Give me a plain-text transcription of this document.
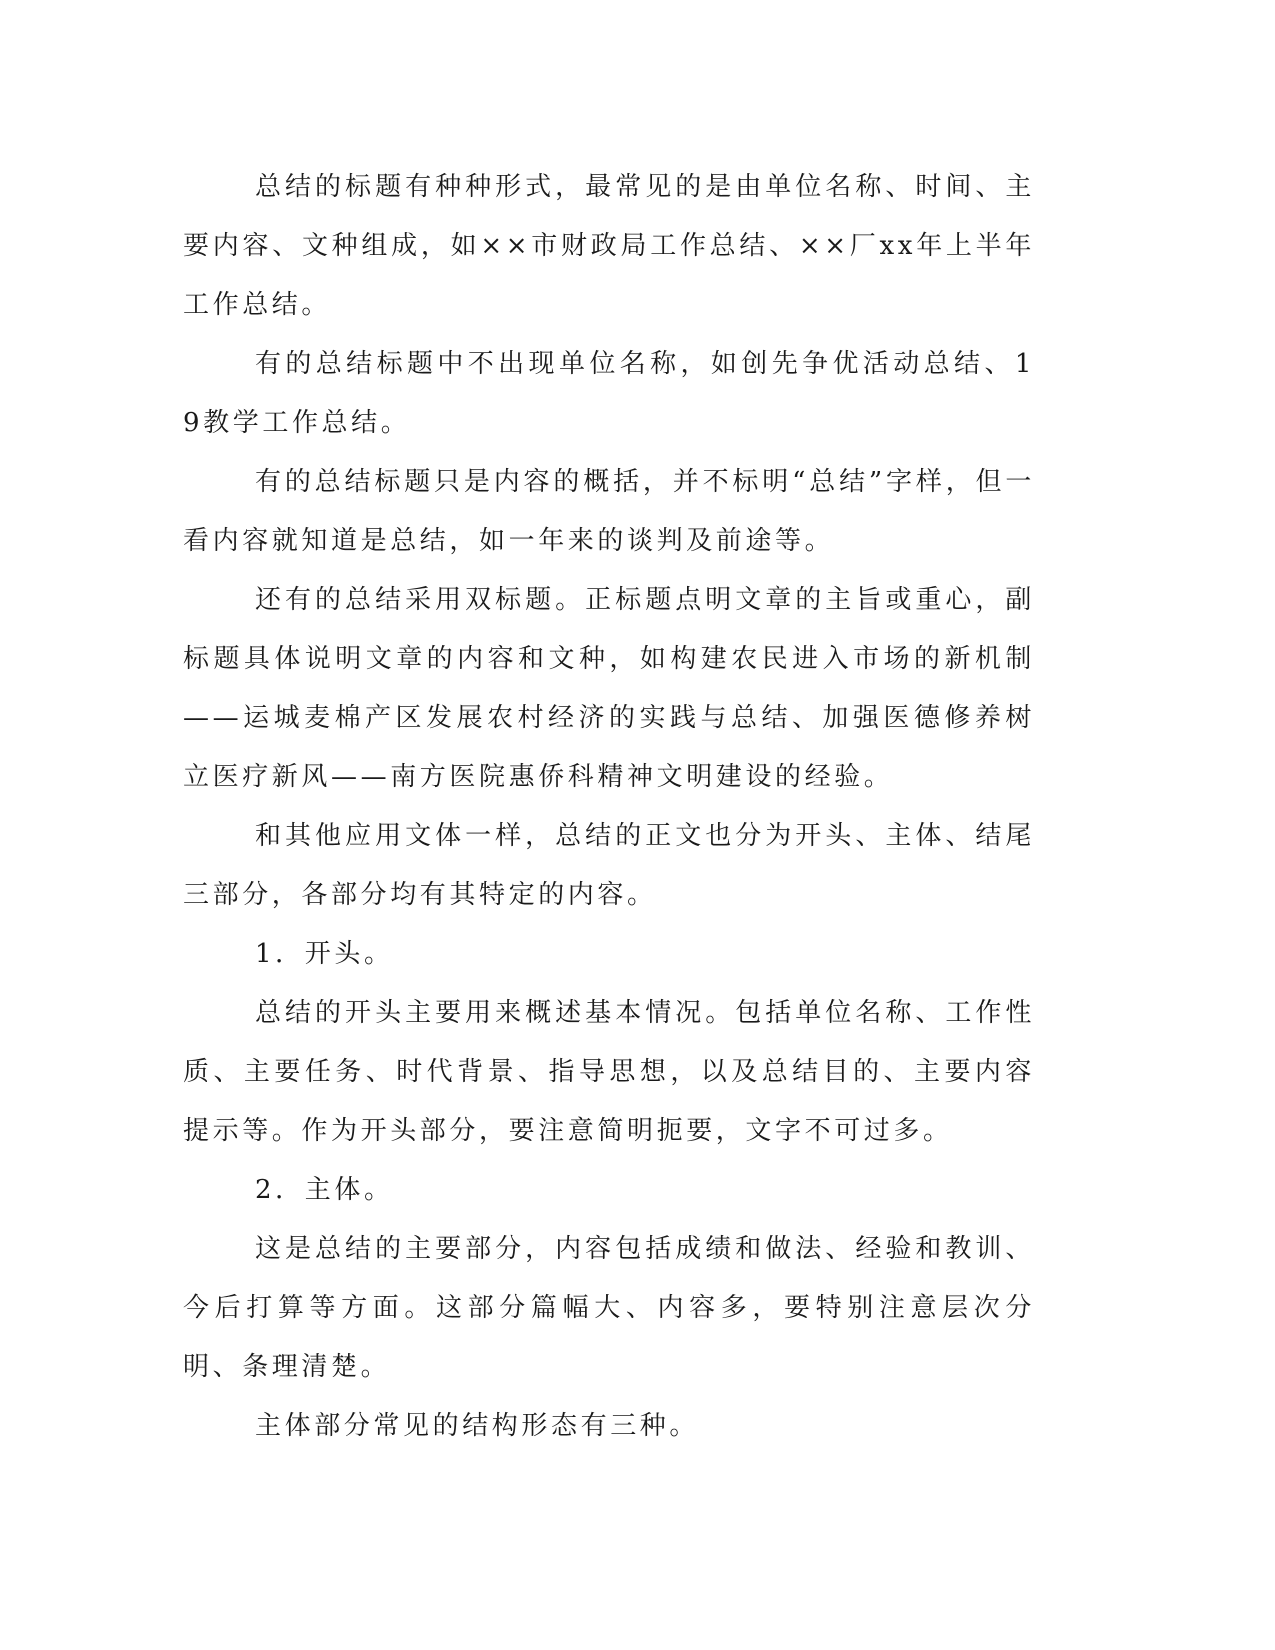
总结的标题有种种形式，最常见的是由单位名称、时间、主要内容、文种组成，如××市财政局工作总结、××厂xx年上半年工作总结。

有的总结标题中不出现单位名称，如创先争优活动总结、19教学工作总结。

有的总结标题只是内容的概括，并不标明“总结”字样，但一看内容就知道是总结，如一年来的谈判及前途等。

还有的总结采用双标题。正标题点明文章的主旨或重心，副标题具体说明文章的内容和文种，如构建农民进入市场的新机制——运城麦棉产区发展农村经济的实践与总结、加强医德修养树立医疗新风——南方医院惠侨科精神文明建设的经验。

和其他应用文体一样，总结的正文也分为开头、主体、结尾三部分，各部分均有其特定的内容。

1．开头。

总结的开头主要用来概述基本情况。包括单位名称、工作性质、主要任务、时代背景、指导思想，以及总结目的、主要内容提示等。作为开头部分，要注意简明扼要，文字不可过多。

2．主体。

这是总结的主要部分，内容包括成绩和做法、经验和教训、今后打算等方面。这部分篇幅大、内容多，要特别注意层次分明、条理清楚。

主体部分常见的结构形态有三种。
